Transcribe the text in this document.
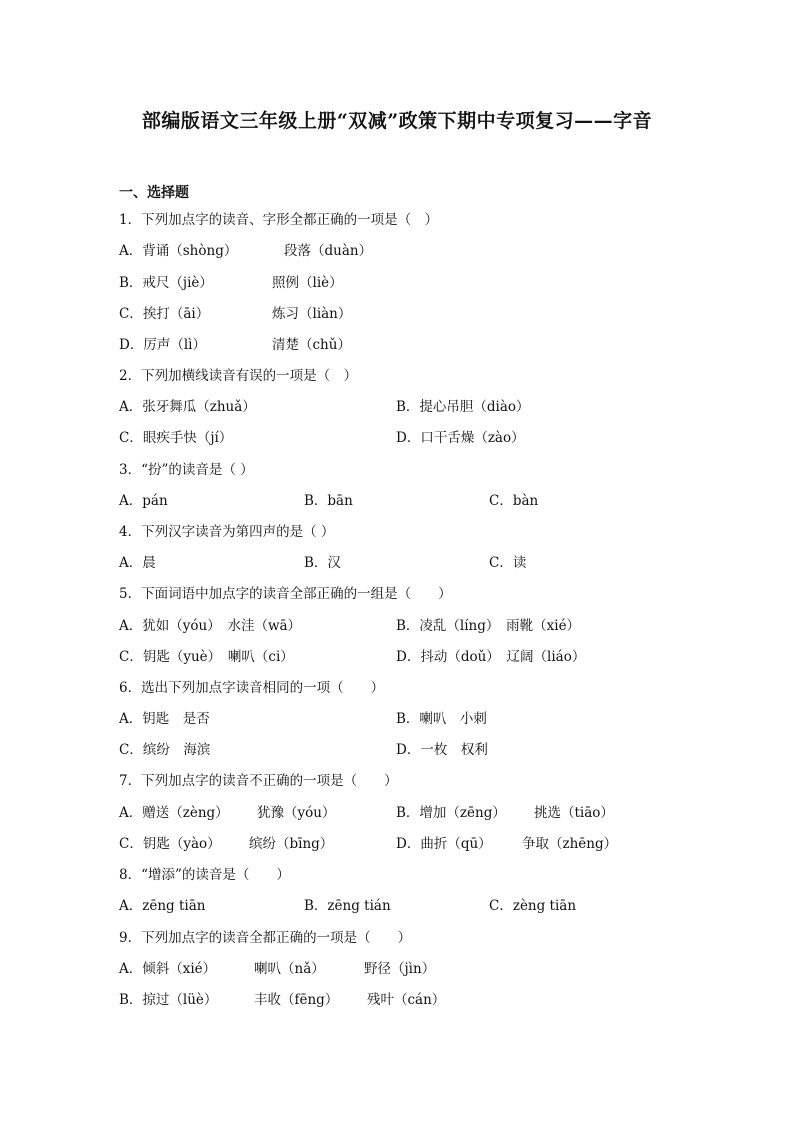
部编版语文三年级上册“双减”政策下期中专项复习——字音
一、选择题
1．下列加点字的读音、字形全都正确的一项是（　）
A．背诵（shòng）	段落（duàn）
B．戒尺（jiè）	照例（liè）
C．挨打（āi）	炼习（liàn）
D．厉声（lì）	清楚（chǔ）
2．下列加横线读音有误的一项是（　）
A．张牙舞瓜（zhuǎ）	B．提心吊胆（diào）
C．眼疾手快（jí）	D．口干舌燥（zào）
3．“扮”的读音是（ ）
A．pán	B．bān	C．bàn
4．下列汉字读音为第四声的是（ ）
A．晨	B．汉	C．读
5．下面词语中加点字的读音全部正确的一组是（　　）
A．犹如（yóu）　水洼（wā）	B．凌乱（líng）　雨靴（xié）
C．钥匙（yuè）　喇叭（ci）	D．抖动（doǔ）　辽阔（liáo）
6．选出下列加点字读音相同的一项（　　）
A．钥匙　是否	B．喇叭　小刺
C．缤纷　海滨	D．一枚　权利
7．下列加点字的读音不正确的一项是（　　）
A．赠送（zèng） 犹豫（yóu）	B．增加（zēng） 挑选（tiāo）
C．钥匙（yào） 缤纷（bīng）	D．曲折（qū） 争取（zhēng）
8．“增添”的读音是（　　）
A．zēng tiān	B．zēng tián	C．zèng tiān
9．下列加点字的读音全都正确的一项是（　　）
A．倾斜（xié）	喇叭（nǎ）	野径（jìn）
B．掠过（lüè）	丰收（fēng） 残叶（cán）
